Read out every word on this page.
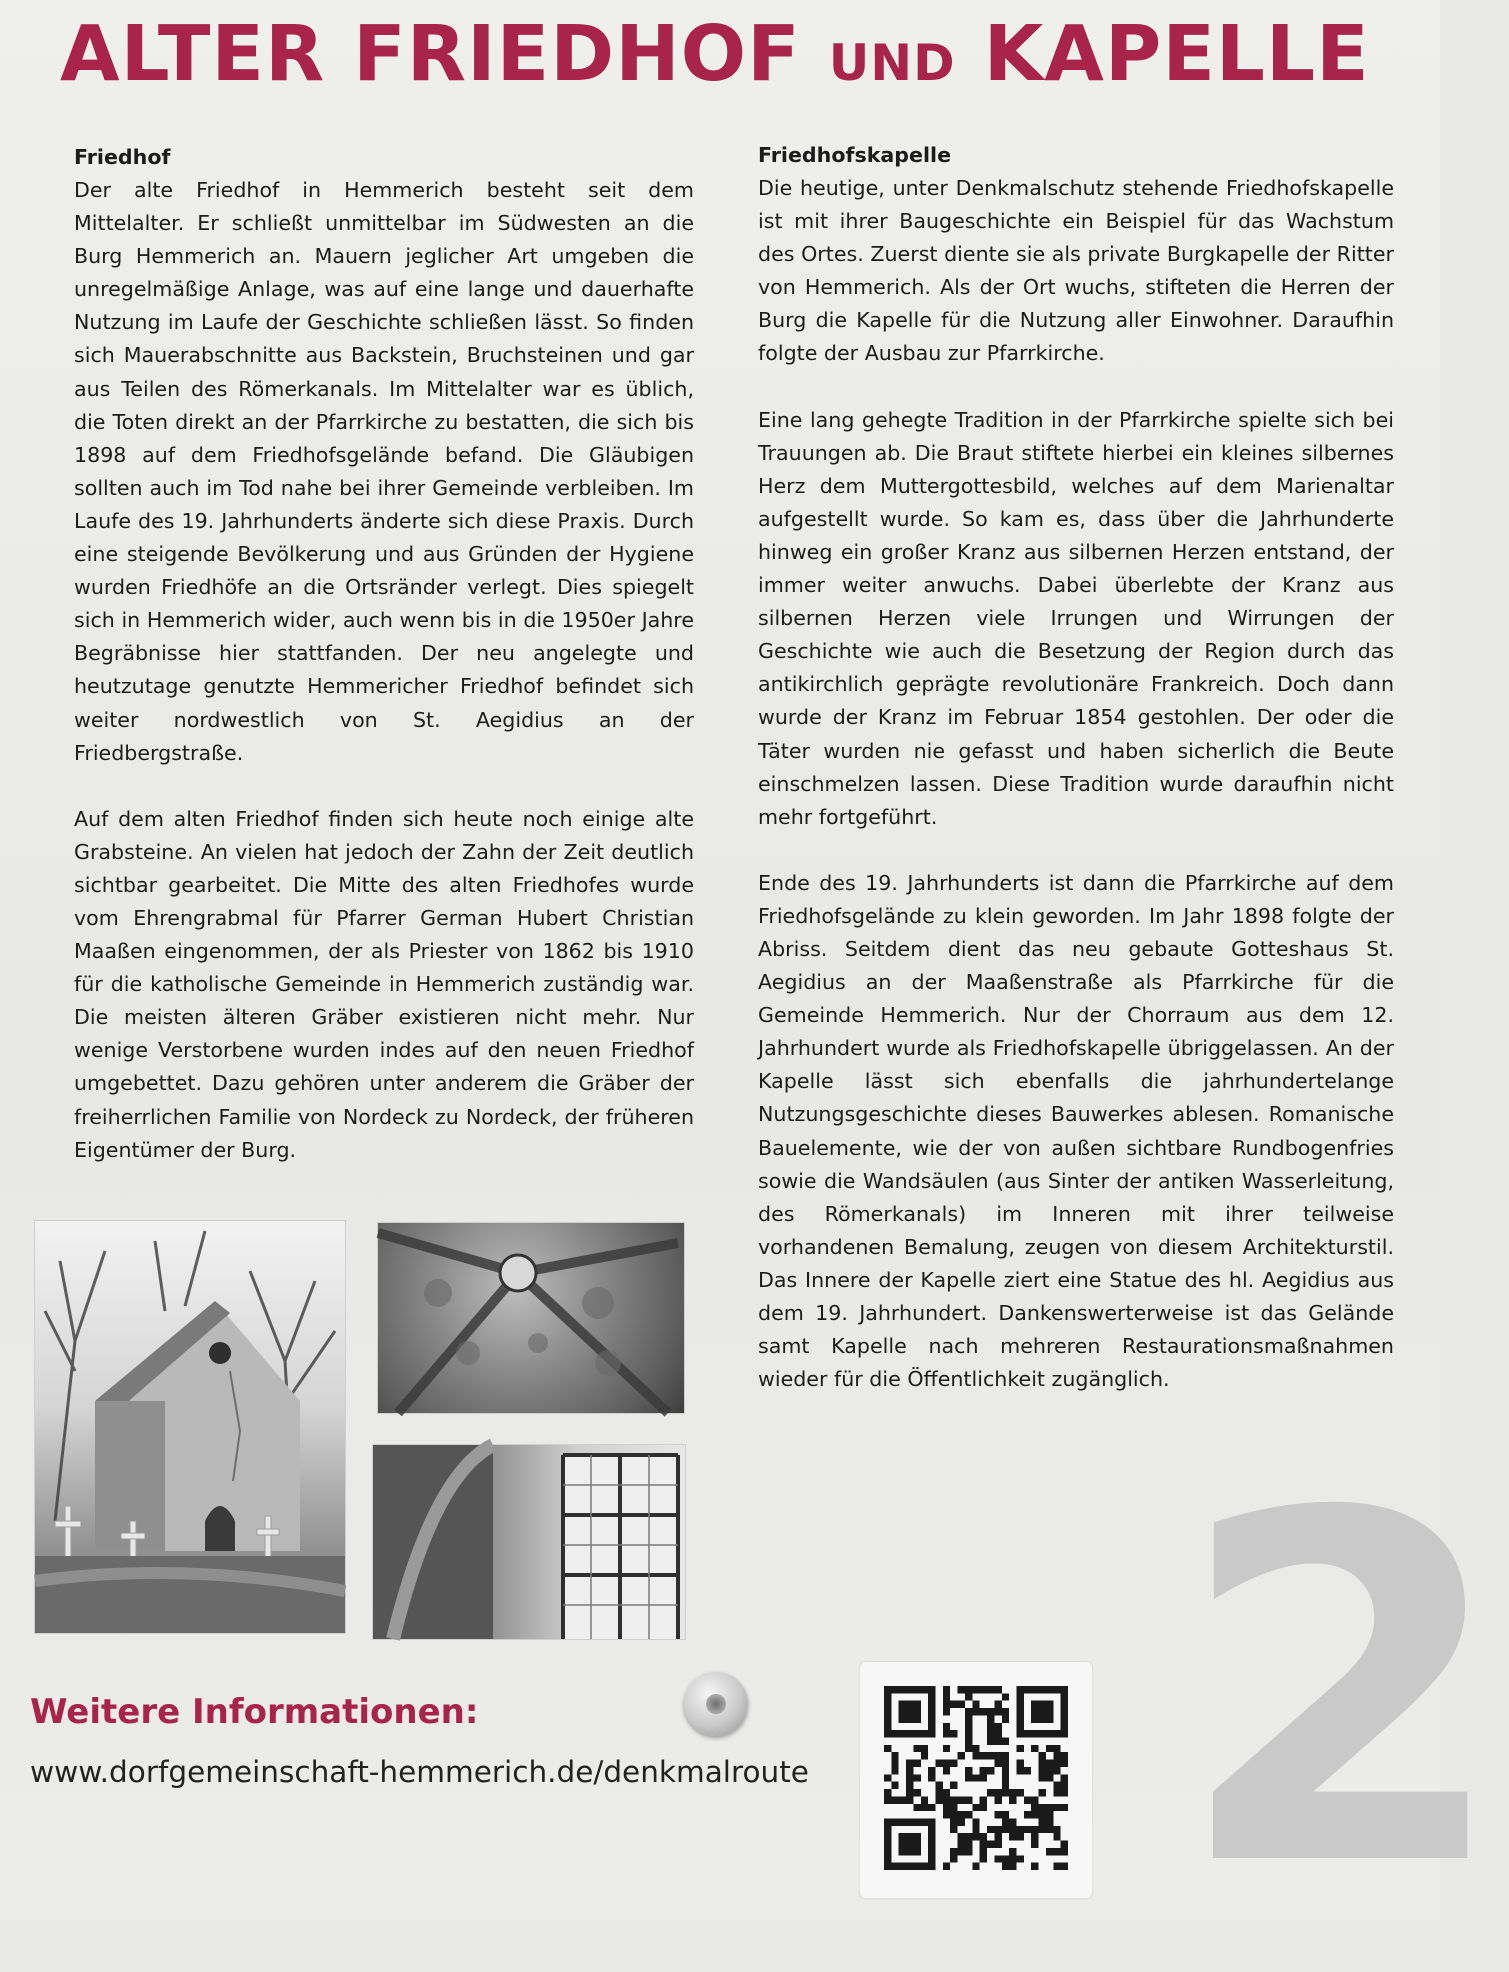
ALTER FRIEDHOF UND KAPELLE
Friedhof

Der alte Friedhof in Hemmerich besteht seit dem Mittelalter. Er schließt unmittelbar im Südwesten an die Burg Hemmerich an. Mauern jeglicher Art umgeben die unregelmäßige Anlage, was auf eine lange und dauerhafte Nutzung im Laufe der Geschichte schließen lässt. So finden sich Mauerabschnitte aus Backstein, Bruchsteinen und gar aus Teilen des Römerkanals. Im Mittelalter war es üblich, die Toten direkt an der Pfarrkirche zu bestatten, die sich bis 1898 auf dem Friedhofsgelände befand. Die Gläubigen sollten auch im Tod nahe bei ihrer Gemeinde verbleiben. Im Laufe des 19. Jahrhunderts änderte sich diese Praxis. Durch eine steigende Bevölkerung und aus Gründen der Hygiene wurden Friedhöfe an die Ortsränder verlegt. Dies spiegelt sich in Hemmerich wider, auch wenn bis in die 1950er Jahre Begräbnisse hier stattfanden. Der neu angelegte und heutzutage genutzte Hemmericher Friedhof befindet sich weiter nordwestlich von St. Aegidius an der Friedbergstraße.

Auf dem alten Friedhof finden sich heute noch einige alte Grabsteine. An vielen hat jedoch der Zahn der Zeit deutlich sichtbar gearbeitet. Die Mitte des alten Friedhofes wurde vom Ehrengrabmal für Pfarrer German Hubert Christian Maaßen eingenommen, der als Priester von 1862 bis 1910 für die katholische Gemeinde in Hemmerich zuständig war. Die meisten älteren Gräber existieren nicht mehr. Nur wenige Verstorbene wurden indes auf den neuen Friedhof umgebettet. Dazu gehören unter anderem die Gräber der freiherrlichen Familie von Nordeck zu Nordeck, der früheren Eigentümer der Burg.

Friedhofskapelle

Die heutige, unter Denkmalschutz stehende Friedhofskapelle ist mit ihrer Baugeschichte ein Beispiel für das Wachstum des Ortes. Zuerst diente sie als private Burgkapelle der Ritter von Hemmerich. Als der Ort wuchs, stifteten die Herren der Burg die Kapelle für die Nutzung aller Einwohner. Daraufhin folgte der Ausbau zur Pfarrkirche.

Eine lang gehegte Tradition in der Pfarrkirche spielte sich bei Trauungen ab. Die Braut stiftete hierbei ein kleines silbernes Herz dem Muttergottesbild, welches auf dem Marienaltar aufgestellt wurde. So kam es, dass über die Jahrhunderte hinweg ein großer Kranz aus silbernen Herzen entstand, der immer weiter anwuchs. Dabei überlebte der Kranz aus silbernen Herzen viele Irrungen und Wirrungen der Geschichte wie auch die Besetzung der Region durch das antikirchlich geprägte revolutionäre Frankreich. Doch dann wurde der Kranz im Februar 1854 gestohlen. Der oder die Täter wurden nie gefasst und haben sicherlich die Beute einschmelzen lassen. Diese Tradition wurde daraufhin nicht mehr fortgeführt.

Ende des 19. Jahrhunderts ist dann die Pfarrkirche auf dem Friedhofsgelände zu klein geworden. Im Jahr 1898 folgte der Abriss. Seitdem dient das neu gebaute Gotteshaus St. Aegidius an der Maaßenstraße als Pfarrkirche für die Gemeinde Hemmerich. Nur der Chorraum aus dem 12. Jahrhundert wurde als Friedhofskapelle übriggelassen. An der Kapelle lässt sich ebenfalls die jahrhundertelange Nutzungsgeschichte dieses Bauwerkes ablesen. Romanische Bauelemente, wie der von außen sichtbare Rundbogenfries sowie die Wandsäulen (aus Sinter der antiken Wasserleitung, des Römerkanals) im Inneren mit ihrer teilweise vorhandenen Bemalung, zeugen von diesem Architekturstil. Das Innere der Kapelle ziert eine Statue des hl. Aegidius aus dem 19. Jahrhundert. Dankenswerterweise ist das Gelände samt Kapelle nach mehreren Restaurationsmaßnahmen wieder für die Öffentlichkeit zugänglich.

Weitere Informationen:
www.dorfgemeinschaft-hemmerich.de/denkmalroute 2
